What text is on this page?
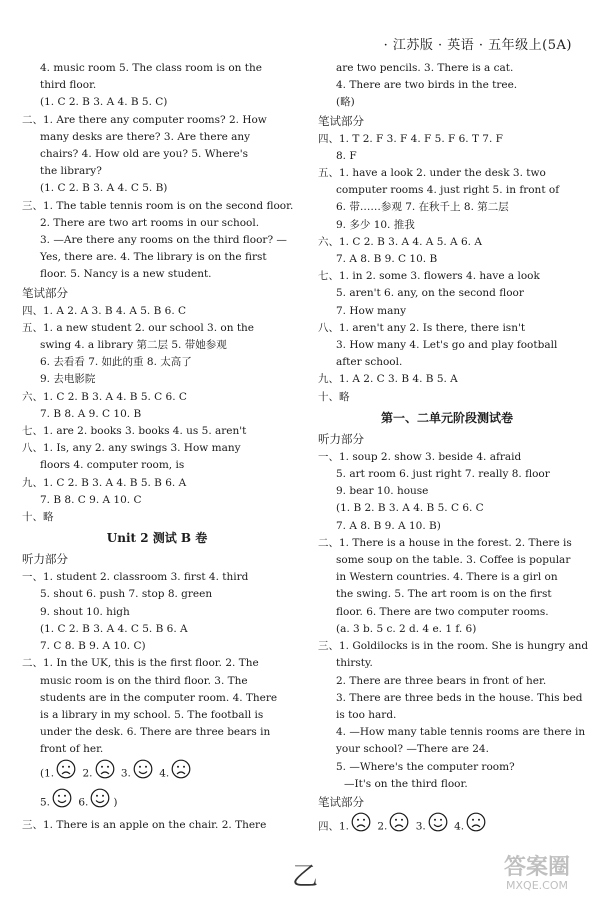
· 江苏版 · 英语 · 五年级上(5A)
4. music room 5. The class room is on the
third floor.
(1. C 2. B 3. A 4. B 5. C)
二、1. Are there any computer rooms? 2. How
many desks are there? 3. Are there any
chairs? 4. How old are you? 5. Where's
the library?
(1. C 2. B 3. A 4. C 5. B)
三、1. The table tennis room is on the second floor.
2. There are two art rooms in our school.
3. —Are there any rooms on the third floor? —
Yes, there are. 4. The library is on the first
floor. 5. Nancy is a new student.
笔试部分
四、1. A 2. A 3. B 4. A 5. B 6. C
五、1. a new student 2. our school 3. on the
swing 4. a library 第二层 5. 带她参观
6. 去看看 7. 如此的重 8. 太高了
9. 去电影院
六、1. C 2. B 3. A 4. B 5. C 6. C
7. B 8. A 9. C 10. B
七、1. are 2. books 3. books 4. us 5. aren't
八、1. Is, any 2. any swings 3. How many
floors 4. computer room, is
九、1. C 2. B 3. A 4. B 5. B 6. A
7. B 8. C 9. A 10. C
十、略
Unit 2 测试 B 卷
听力部分
一、1. student 2. classroom 3. first 4. third
5. shout 6. push 7. stop 8. green
9. shout 10. high
(1. C 2. B 3. A 4. C 5. B 6. A
7. C 8. B 9. A 10. C)
二、1. In the UK, this is the first floor. 2. The
music room is on the third floor. 3. The
students are in the computer room. 4. There
is a library in my school. 5. The football is
under the desk. 6. There are three bears in
front of her.
(1.	2.	3.	4.
5.	6. )
三、1. There is an apple on the chair. 2. There
are two pencils. 3. There is a cat.
4. There are two birds in the tree.
(略)
笔试部分
四、1. T 2. F 3. F 4. F 5. F 6. T 7. F
8. F
五、1. have a look 2. under the desk 3. two
computer rooms 4. just right 5. in front of
6. 带……参观 7. 在秋千上 8. 第二层
9. 多少 10. 推我
六、1. C 2. B 3. A 4. A 5. A 6. A
7. A 8. B 9. C 10. B
七、1. in 2. some 3. flowers 4. have a look
5. aren't 6. any, on the second floor
7. How many
八、1. aren't any 2. Is there, there isn't
3. How many 4. Let's go and play football
after school.
九、1. A 2. C 3. B 4. B 5. A
十、略
第一、二单元阶段测试卷
听力部分
一、1. soup 2. show 3. beside 4. afraid
5. art room 6. just right 7. really 8. floor
9. bear 10. house
(1. B 2. B 3. A 4. B 5. C 6. C
7. A 8. B 9. A 10. B)
二、1. There is a house in the forest. 2. There is
some soup on the table. 3. Coffee is popular
in Western countries. 4. There is a girl on
the swing. 5. The art room is on the first
floor. 6. There are two computer rooms.
(a. 3 b. 5 c. 2 d. 4 e. 1 f. 6)
三、1. Goldilocks is in the room. She is hungry and
thirsty.
2. There are three bears in front of her.
3. There are three beds in the house. This bed
is too hard.
4. —How many table tennis rooms are there in
your school? —There are 24.
5. —Where's the computer room?
—It's on the third floor.
笔试部分
四、1.	2.	3.	4.
乙	答案圈
MXQE.COM
